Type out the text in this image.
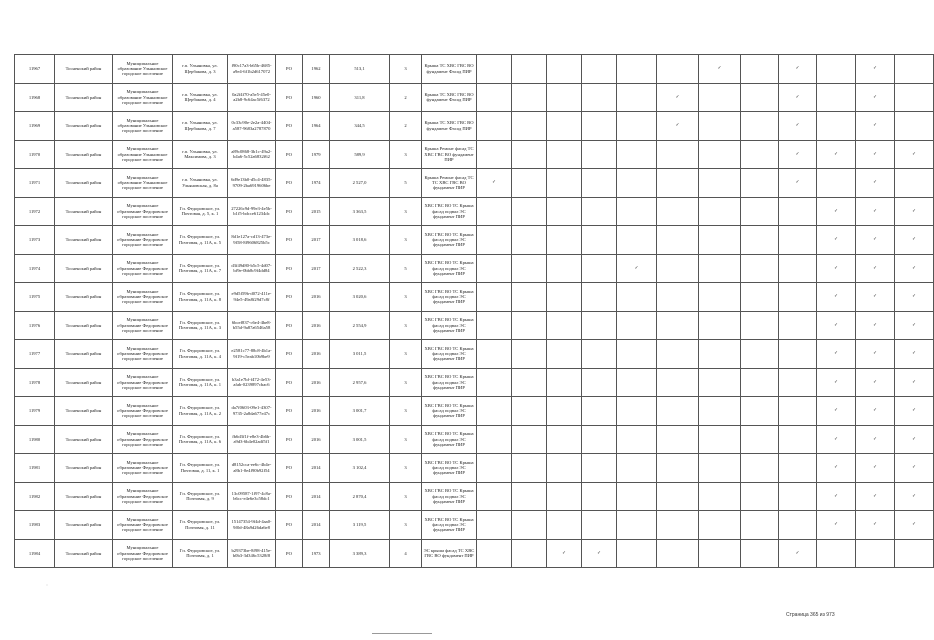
11967	Тосненский район	Муниципальное образование Ульяновское городское поселение	г.п. Ульяновка, ул. Щербакова, д. 3	f90c17a3-b65b-4685-a9e4-6f1b2d617072	РО	1962	513,1	3	Крыша ТС ХВС ГВС ВО фундамент Фасад ПИР							✓		✓		✓	
11968	Тосненский район	Муниципальное образование Ульяновское городское поселение	г.п. Ульяновка, ул. Щербакова, д. 4	0a2f4f70-a5e5-45e0-a2b8-9c64ac5f6372	РО	1960	311,8	2	Крыша ТС ХВС ГВС ВО фундамент Фасад ПИР						✓			✓		✓	
11969	Тосненский район	Муниципальное образование Ульяновское городское поселение	г.п. Ульяновка, ул. Щербакова, д. 7	0c33c90e-2e2a-4404-a587-9683a2787870	РО	1964	344,5	2	Крыша ТС ХВС ГВС ВО фундамент Фасад ПИР						✓			✓		✓	
11970	Тосненский район	Муниципальное образование Ульяновское городское поселение	г.п. Ульяновка, ул. Максимова, д. 3	a89c0868-3b1c-49a2-b4a6-5c52a6832f62	РО	1979	589,9	3	Крыша Ремонт фасад ТС ХВС ГВС ВО фундамент ПИР									✓	✓	✓	✓
11971	Тосненский район	Муниципальное образование Ульяновское городское поселение	г.п. Ульяновка, ул. Ульяновская, д. 8а	6d9e13b0-d5c4-4835-9709-2ba6919606be	РО	1974	2 527,0	5	Крыша Ремонт фасад ТС ТС ХВС ГВС ВО фундамент ПИР	✓								✓		✓	
11972	Тосненский район	Муниципальное образование Федоровское городское поселение	Гп. Федоровское, ул. Почтовая, д. 5, к. 1	27226c9d-99e3-4e5b-b1f5-bdcce61234dc	РО	2015	3 363,5	3	ХВС ГВС ВО ТС Крыша фасад подвал ЭС фундамент ПИР										✓	✓	✓
11973	Тосненский район	Муниципальное образование Федоровское городское поселение	Гп. Федоровское, ул. Почтовая, д. 11А, к. 5	8d1e127a-cd13-473e-9f58-8f9606825b5c	РО	2017	3 018,6	3	ХВС ГВС ВО ТС Крыша фасад подвал ЭС фундамент ПИР										✓	✓	✓
11974	Тосненский район	Муниципальное образование Федоровское городское поселение	Гп. Федоровское, ул. Почтовая, д. 11А, к. 7	d3f49d80-b5c5-4d07-bf9e-0bb8c9f4dd84	РО	2017	2 522,3	5	ХВС ГВС ВО ТС Крыша фасад подвал ЭС фундамент ПИР					✓					✓	✓	✓
11975	Тосненский район	Муниципальное образование Федоровское городское поселение	Гп. Федоровское, ул. Почтовая, д. 11А, к. 8	e9d5f59b-d072-411e-94e5-49a8f29d7c8f	РО	2016	3 020,6	3	ХВС ГВС ВО ТС Крыша фасад подвал ЭС фундамент ПИР										✓	✓	✓
11976	Тосненский район	Муниципальное образование Федоровское городское поселение	Гп. Федоровское, ул. Почтовая, д. 11А, к. 3	6bcef837-c6e4-4be8-b55d-9a87a6546a58	РО	2016	2 554,9	3	ХВС ГВС ВО ТС Крыша фасад подвал ЭС фундамент ПИР										✓	✓	✓
11977	Тосненский район	Муниципальное образование Федоровское городское поселение	Гп. Федоровское, ул. Почтовая, д. 11А, к. 4	e2581c77-88c8-4b1a-9f19-c5eab10b9be9	РО	2016	3 011,5	3	ХВС ГВС ВО ТС Крыша фасад подвал ЭС фундамент ПИР										✓	✓	✓
11978	Тосненский район	Муниципальное образование Федоровское городское поселение	Гп. Федоровское, ул. Почтовая, д. 11А, к. 1	b3a1e7bf-f472-4e53-afab-0239897cbac6	РО	2016	2 957,6	3	ХВС ГВС ВО ТС Крыша фасад подвал ЭС фундамент ПИР										✓	✓	✓
11979	Тосненский район	Муниципальное образование Федоровское городское поселение	Гп. Федоровское, ул. Почтовая, д. 11А, к. 2	da7f0603-09e1-4307-9735-2a8da677e47c	РО	2016	3 001,7	3	ХВС ГВС ВО ТС Крыша фасад подвал ЭС фундамент ПИР										✓	✓	✓
11980	Тосненский район	Муниципальное образование Федоровское городское поселение	Гп. Федоровское, ул. Почтовая, д. 11А, к. 6	fb6d3f1f-e8e3-4b6b-a9d3-6b4e02adf5f1	РО	2016	3 001,5	3	ХВС ГВС ВО ТС Крыша фасад подвал ЭС фундамент ПИР										✓	✓	✓
11981	Тосненский район	Муниципальное образование Федоровское городское поселение	Гп. Федоровское, ул. Почтовая, д. 11, к. 1	d8152cca-ee6c-4b4e-a8b1-0e4f90b92f54	РО	2014	3 102,4	3	ХВС ГВС ВО ТС Крыша фасад подвал ЭС фундамент ПИР										✓	✓	✓
11982	Тосненский район	Муниципальное образование Федоровское городское поселение	Гп. Федоровское, ул. Почтовая, д. 9	13c09587-1f97-4c8a-b6cc-e4e6e3c58dc1	РО	2014	2 870,4	3	ХВС ГВС ВО ТС Крыша фасад подвал ЭС фундамент ПИР										✓	✓	✓
11983	Тосненский район	Муниципальное образование Федоровское городское поселение	Гп. Федоровское, ул. Почтовая, д. 11	15147354-9f4d-4aa0-9f0d-48a9d26da6e8	РО	2014	3 119,5	3	ХВС ГВС ВО ТС Крыша фасад подвал ЭС фундамент ПИР										✓	✓	✓
11984	Тосненский район	Муниципальное образование Федоровское городское поселение	Гп. Федоровское, ул. Почтовая, д. 1	b29373be-8f98-415e-b0b3-3d346c5328f8	РО	1973	3 389,3	4	ЭС крыша фасад ТС ХВС ГВС ВО фундамент ПИР			✓	✓					✓			
ˌ
Страница 365 из 973
